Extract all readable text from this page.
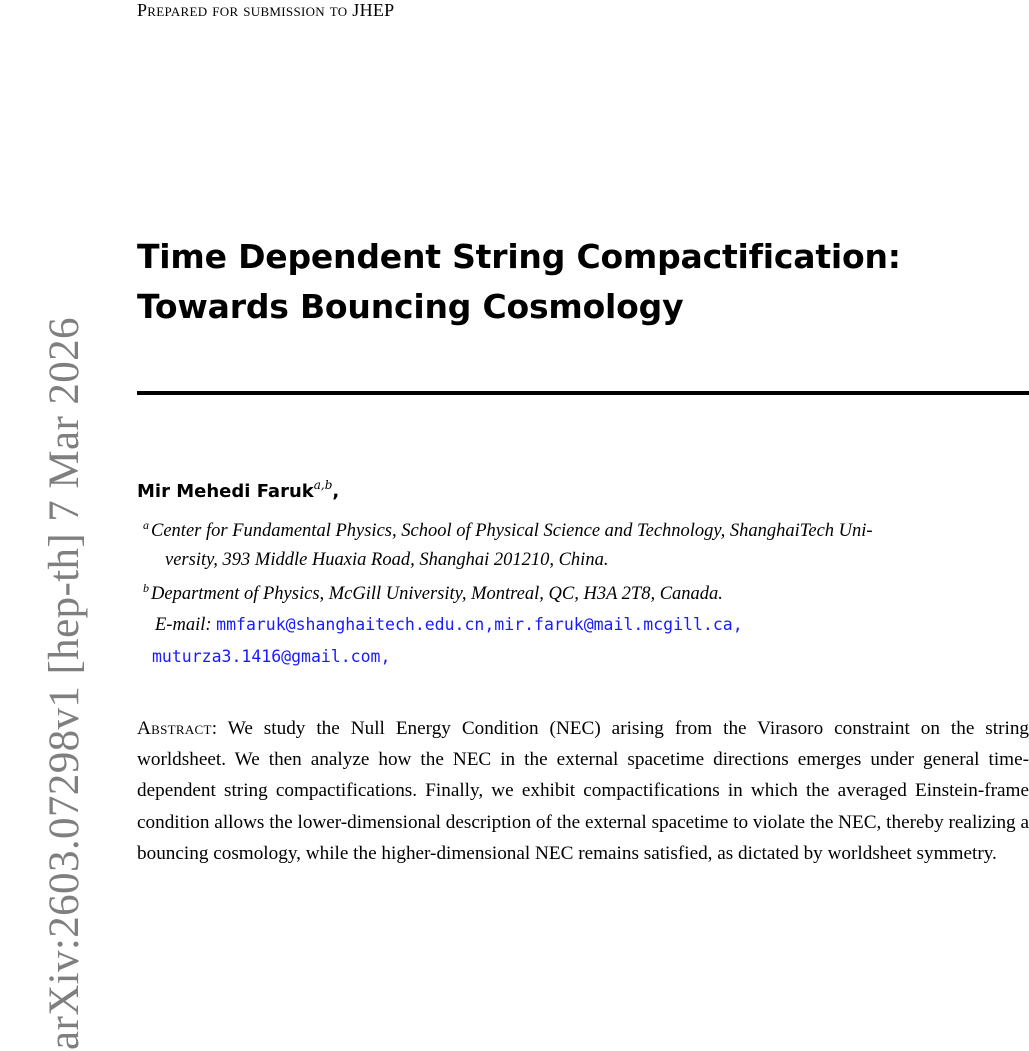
arXiv:2603.07298v1 [hep-th] 7 Mar 2026
Prepared for submission to JHEP
Time Dependent String Compactification: Towards Bouncing Cosmology
Mir Mehedi Faruk$^{a,b}$,
$^a$ Center for Fundamental Physics, School of Physical Science and Technology, ShanghaiTech Uni-
versity, 393 Middle Huaxia Road, Shanghai 201210, China.
$^b$ Department of Physics, McGill University, Montreal, QC, H3A 2T8, Canada.
E-mail: mmfaruk@shanghaitech.edu.cn,mir.faruk@mail.mcgill.ca,
muturza3.1416@gmail.com,

Abstract: We study the Null Energy Condition (NEC) arising from the Virasoro constraint on the string worldsheet. We then analyze how the NEC in the external spacetime directions emerges under general time-dependent string compactifications. Finally, we exhibit compactifications in which the averaged Einstein-frame condition allows the lower-dimensional description of the external spacetime to violate the NEC, thereby realizing a bouncing cosmology, while the higher-dimensional NEC remains satisfied, as dictated by worldsheet symmetry.
